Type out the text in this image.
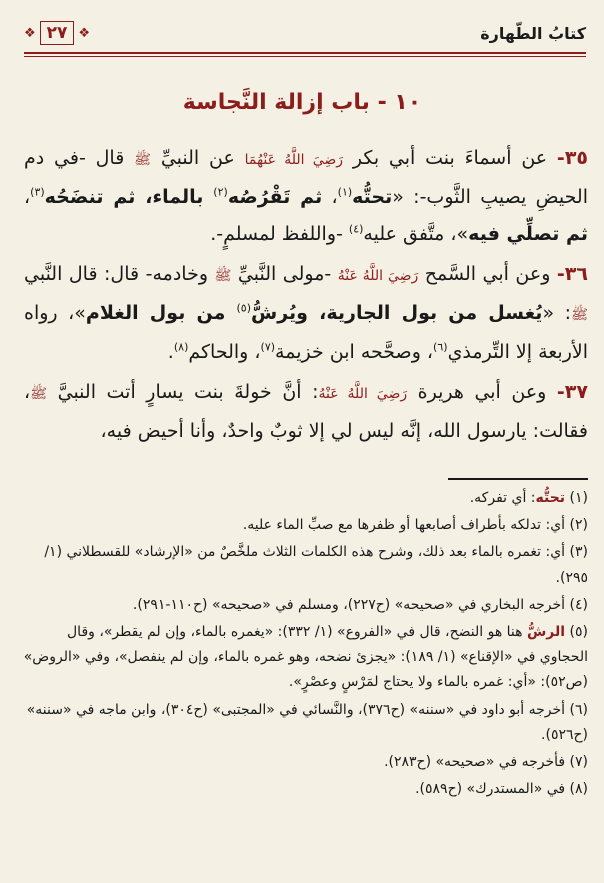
كتابُ الطّهارة
❖
٢٧
❖
١٠ - باب إزالة النَّجاسة

٣٥- عن أسماءَ بنت أبي بكر رَضِيَ اللَّهُ عَنْهُمَا عن النبيِّ ﷺ قال -في دم الحيضِ يصيبِ الثَّوب-: «تحتُّه$^{(١)}$، ثم تَقْرُصُه$^{(٢)}$ بالماء، ثم تنضَحُه$^{(٣)}$، ثم تصلِّي فيه»، متَّفق عليه$^{(٤)}$ -واللفظ لمسلمٍ-.

٣٦- وعن أبي السَّمح رَضِيَ اللَّهُ عَنْهُ -مولى النَّبيِّ ﷺ وخادمه- قال: قال النَّبي ﷺ: «يُغسل من بول الجارية، ويُرشُّ$^{(٥)}$ من بول الغلام»، رواه الأربعة إلا التِّرمذي$^{(٦)}$، وصحَّحه ابن خزيمة$^{(٧)}$، والحاكم$^{(٨)}$.

٣٧- وعن أبي هريرة رَضِيَ اللَّهُ عَنْهُ: أنَّ خولةَ بنت يسارٍ أتت النبيَّ ﷺ، فقالت: يارسول الله، إنَّه ليس لي إلا ثوبٌ واحدٌ، وأنا أحيض فيه،

(١) تحتُّه: أي تفركه.

(٢) أي: تدلكه بأطراف أصابعها أو ظفرها مع صبِّ الماء عليه.

(٣) أي: تغمره بالماء بعد ذلك، وشرح هذه الكلمات الثلاث ملخَّصٌ من «الإرشاد» للقسطلاني (١/ ٢٩٥).

(٤) أخرجه البخاري في «صحيحه» (ح٢٢٧)، ومسلم في «صحيحه» (ح١١٠-٢٩١).

(٥) الرشُّ هنا هو النضح، قال في «الفروع» (١/ ٣٣٢): «يغمره بالماء، وإن لم يقطر»، وقال الحجاوي في «الإقناع» (١/ ١٨٩): «يجزئ نضحه، وهو غمره بالماء، وإن لم ينفصل»، وفي «الروض» (ص٥٢): «أي: غمره بالماء ولا يحتاج لمَرْسٍ وعصْرٍ».

(٦) أخرجه أبو داود في «سننه» (ح٣٧٦)، والنَّسائي في «المجتبى» (ح٣٠٤)، وابن ماجه في «سننه» (ح٥٢٦).

(٧) فأخرجه في «صحيحه» (ح٢٨٣).

(٨) في «المستدرك» (ح٥٨٩).
